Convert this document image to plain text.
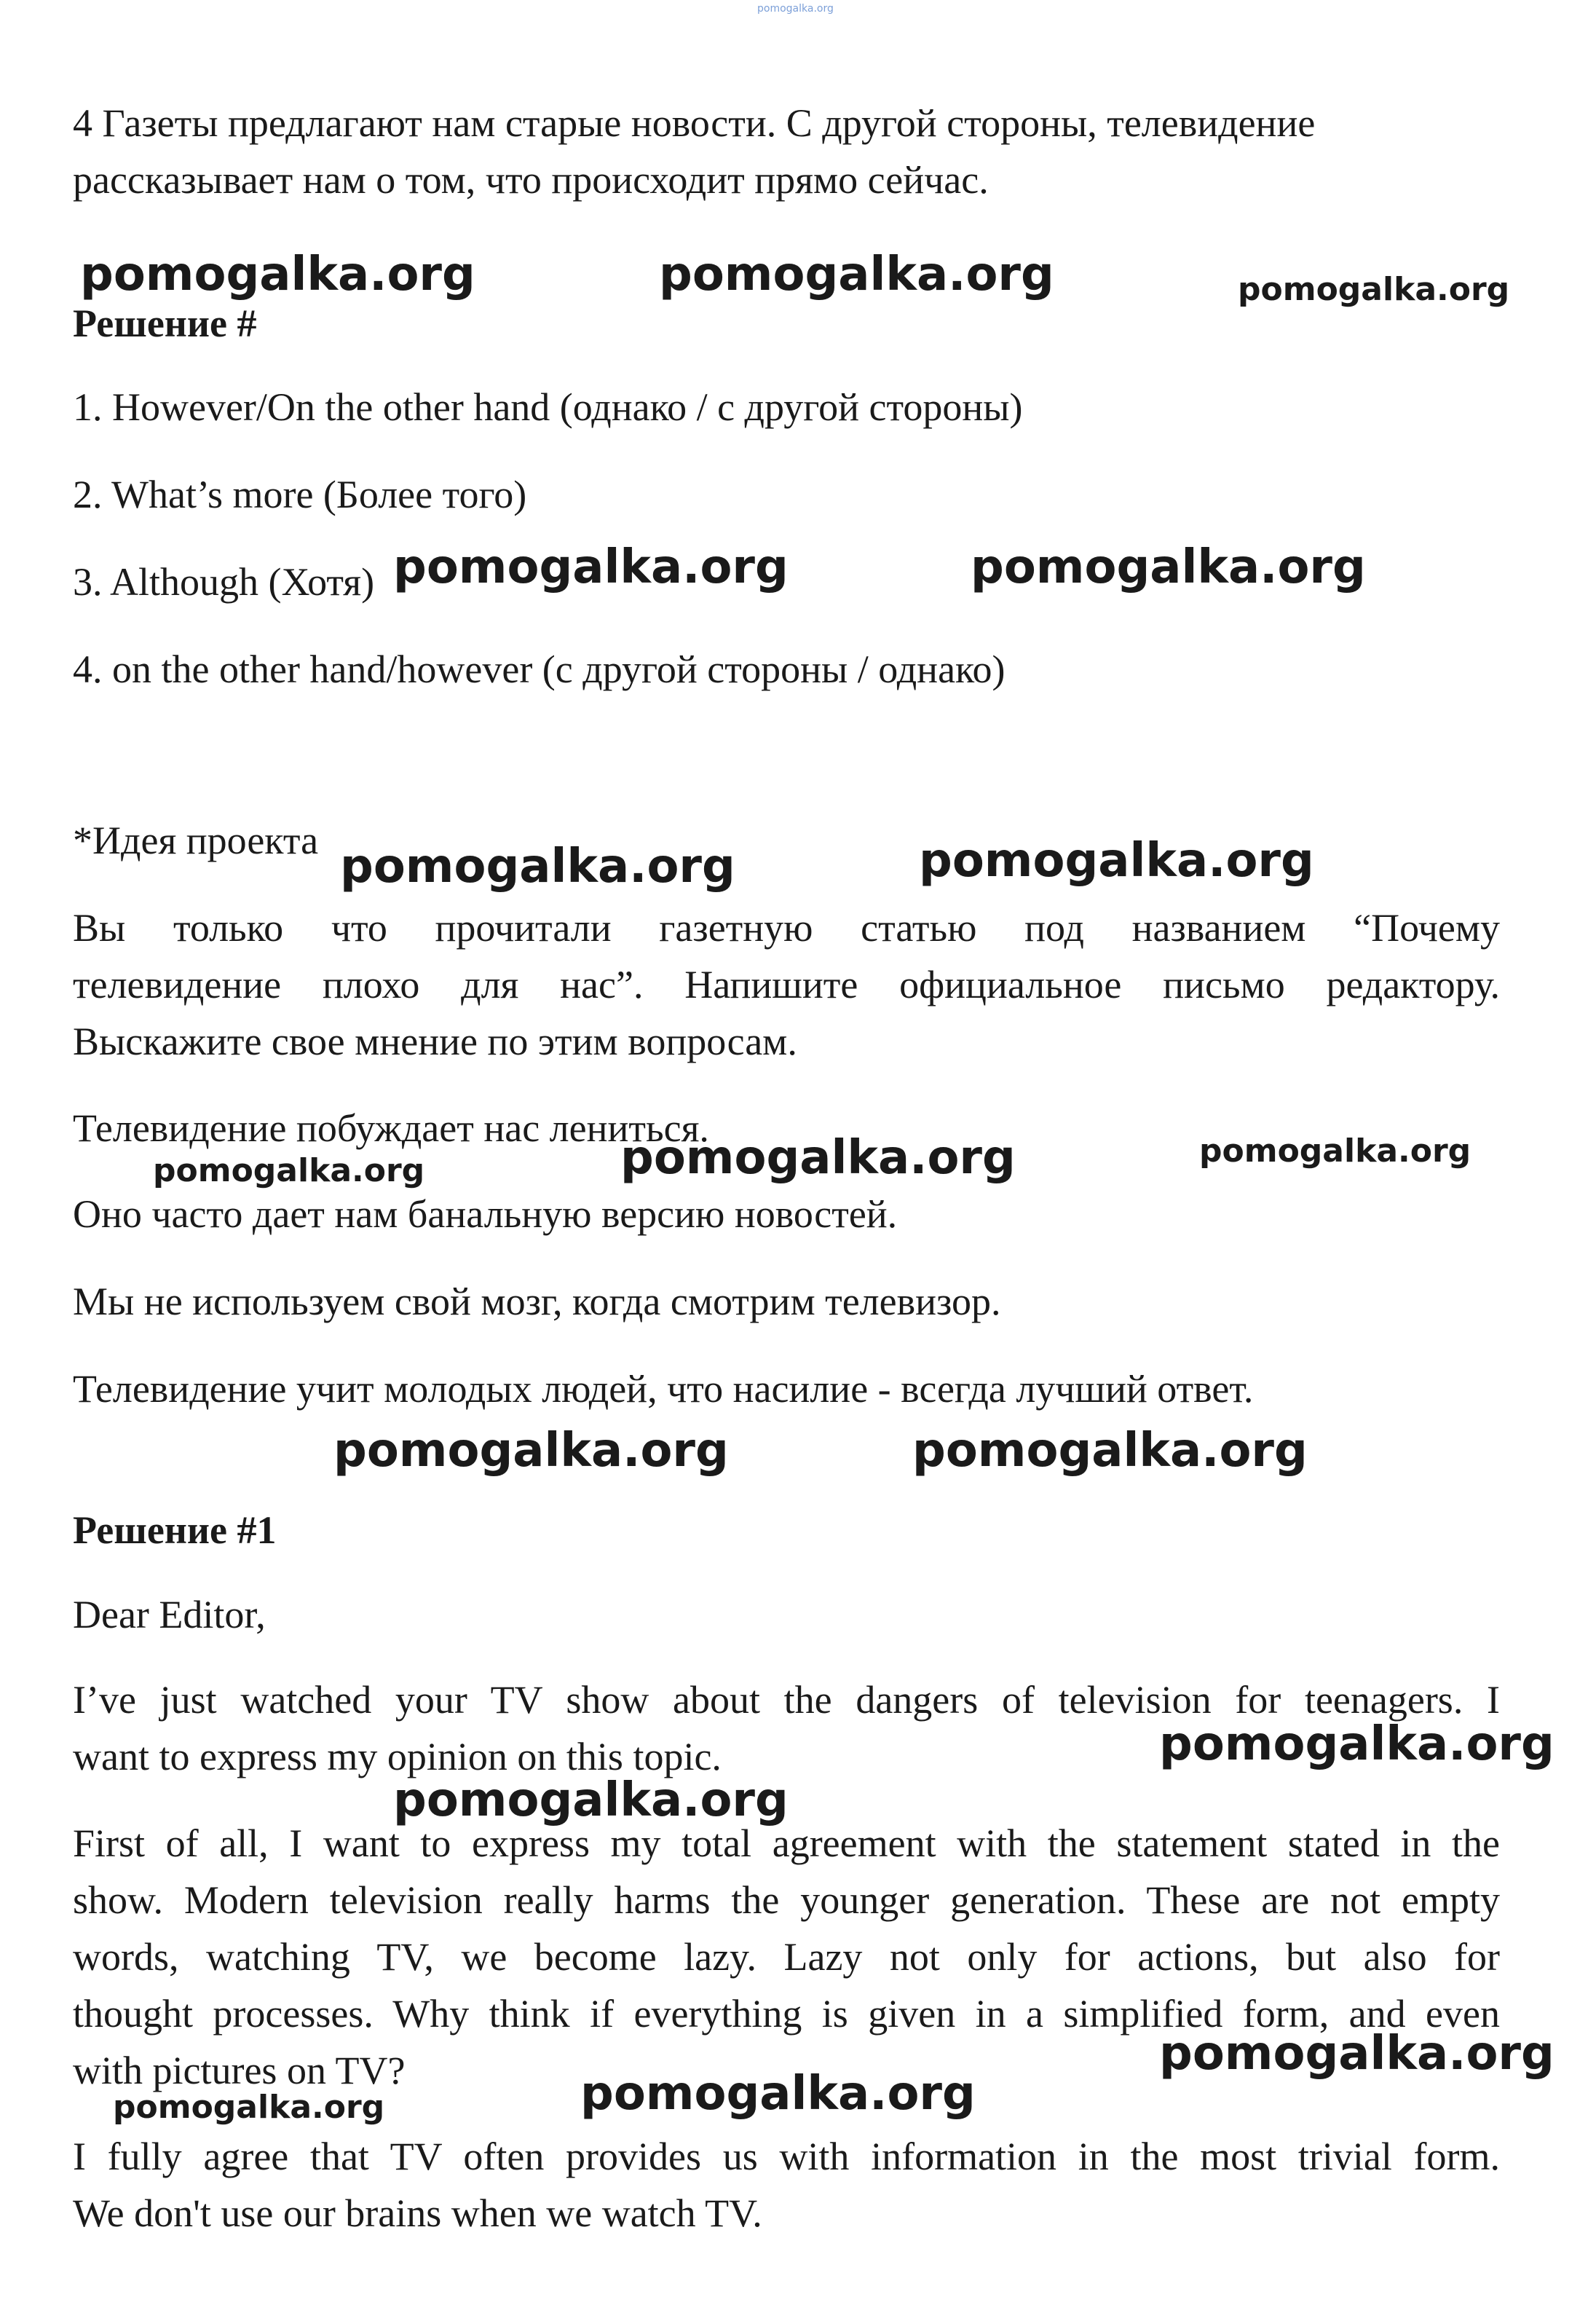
pomogalka.org
4 Газеты предлагают нам старые новости. С другой стороны, телевидение
рассказывает нам о том, что происходит прямо сейчас.
pomogalka.org	pomogalka.org	pomogalka.org
Решение #
1. However/On the other hand (однако / с другой стороны)
2. What’s more (Более того)
3. Although (Хотя) pomogalka.org	pomogalka.org
4. on the other hand/however (с другой стороны / однако)
*Идея проекта pomogalka.org	pomogalka.org
Вы только что прочитали газетную статью под названием “Почему
телевидение плохо для нас”. Напишите официальное письмо редактору.
Выскажите свое мнение по этим вопросам.
Телевидение побуждает нас лениться.
pomogalka.org	pomogalka.org	pomogalka.org
Оно часто дает нам банальную версию новостей.
Мы не используем свой мозг, когда смотрим телевизор.
Телевидение учит молодых людей, что насилие - всегда лучший ответ.
pomogalka.org	pomogalka.org
Решение #1
Dear Editor,
I’ve just watched your TV show about the dangers of television for teenagers. I
want to express my opinion on this topic.	pomogalka.org
pomogalka.org
First of all, I want to express my total agreement with the statement stated in the
show. Modern television really harms the younger generation. These are not empty
words, watching TV, we become lazy. Lazy not only for actions, but also for
thought processes. Why think if everything is given in a simplified form, and even
with pictures on TV?	pomogalka.org
pomogalka.org	pomogalka.org
I fully agree that TV often provides us with information in the most trivial form.
We don't use our brains when we watch TV.
